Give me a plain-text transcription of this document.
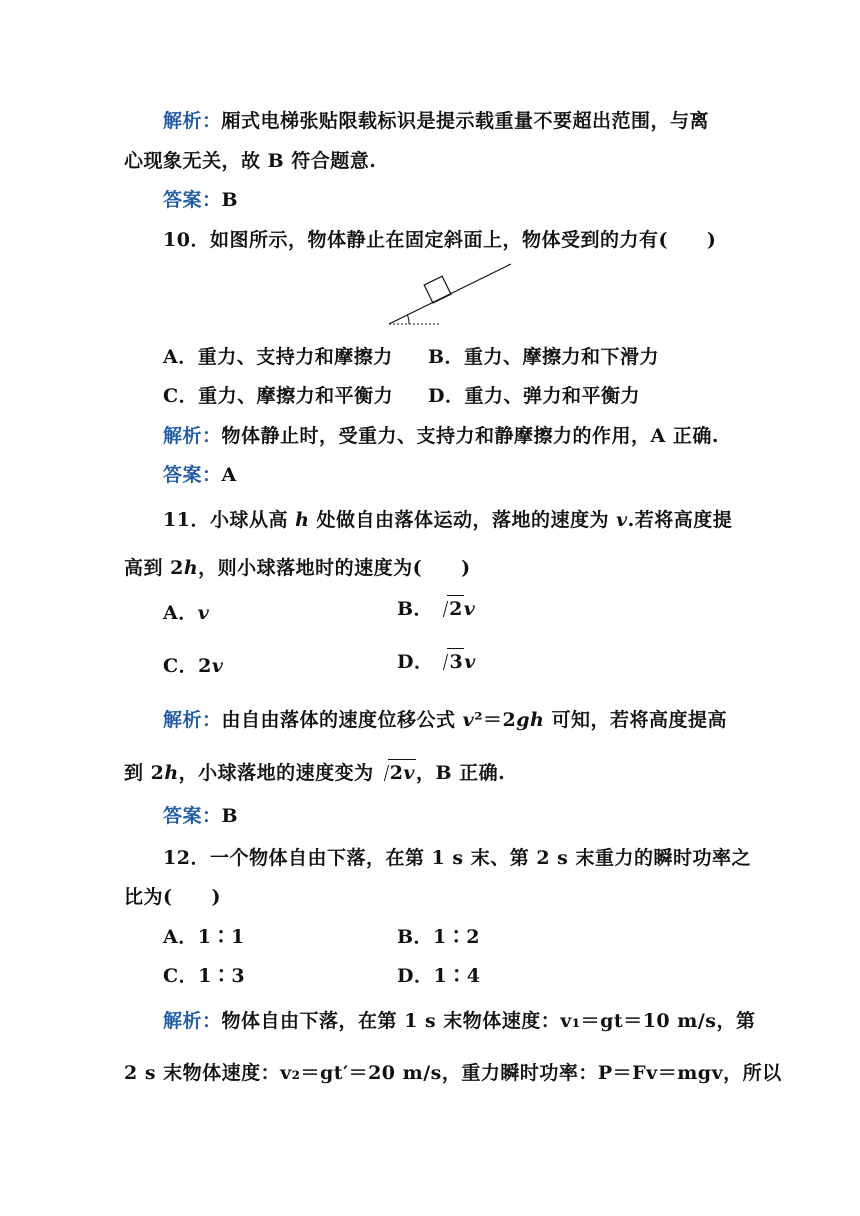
解析：厢式电梯张贴限载标识是提示载重量不要超出范围，与离
心现象无关，故 B 符合题意.
答案：B
10．如图所示，物体静止在固定斜面上，物体受到的力有(　　)
A．重力、支持力和摩擦力 B．重力、摩擦力和下滑力
C．重力、摩擦力和平衡力 D．重力、弹力和平衡力
解析：物体静止时，受重力、支持力和静摩擦力的作用，A 正确.
答案：A
11．小球从高 h 处做自由落体运动，落地的速度为 v.若将高度提
高到 2h，则小球落地时的速度为(　　)
A．v	B． 2v
C．2v	D． 3v
解析：由自由落体的速度位移公式 v²＝2gh 可知，若将高度提高
到 2h，小球落地的速度变为 2v，B 正确.
答案：B
12．一个物体自由下落，在第 1 s 末、第 2 s 末重力的瞬时功率之
比为(　　)
A．1∶1	B．1∶2
C．1∶3	D．1∶4
解析：物体自由下落，在第 1 s 末物体速度：v₁＝gt＝10 m/s，第
2 s 末物体速度：v₂＝gt′＝20 m/s，重力瞬时功率：P＝Fv＝mgv，所以
